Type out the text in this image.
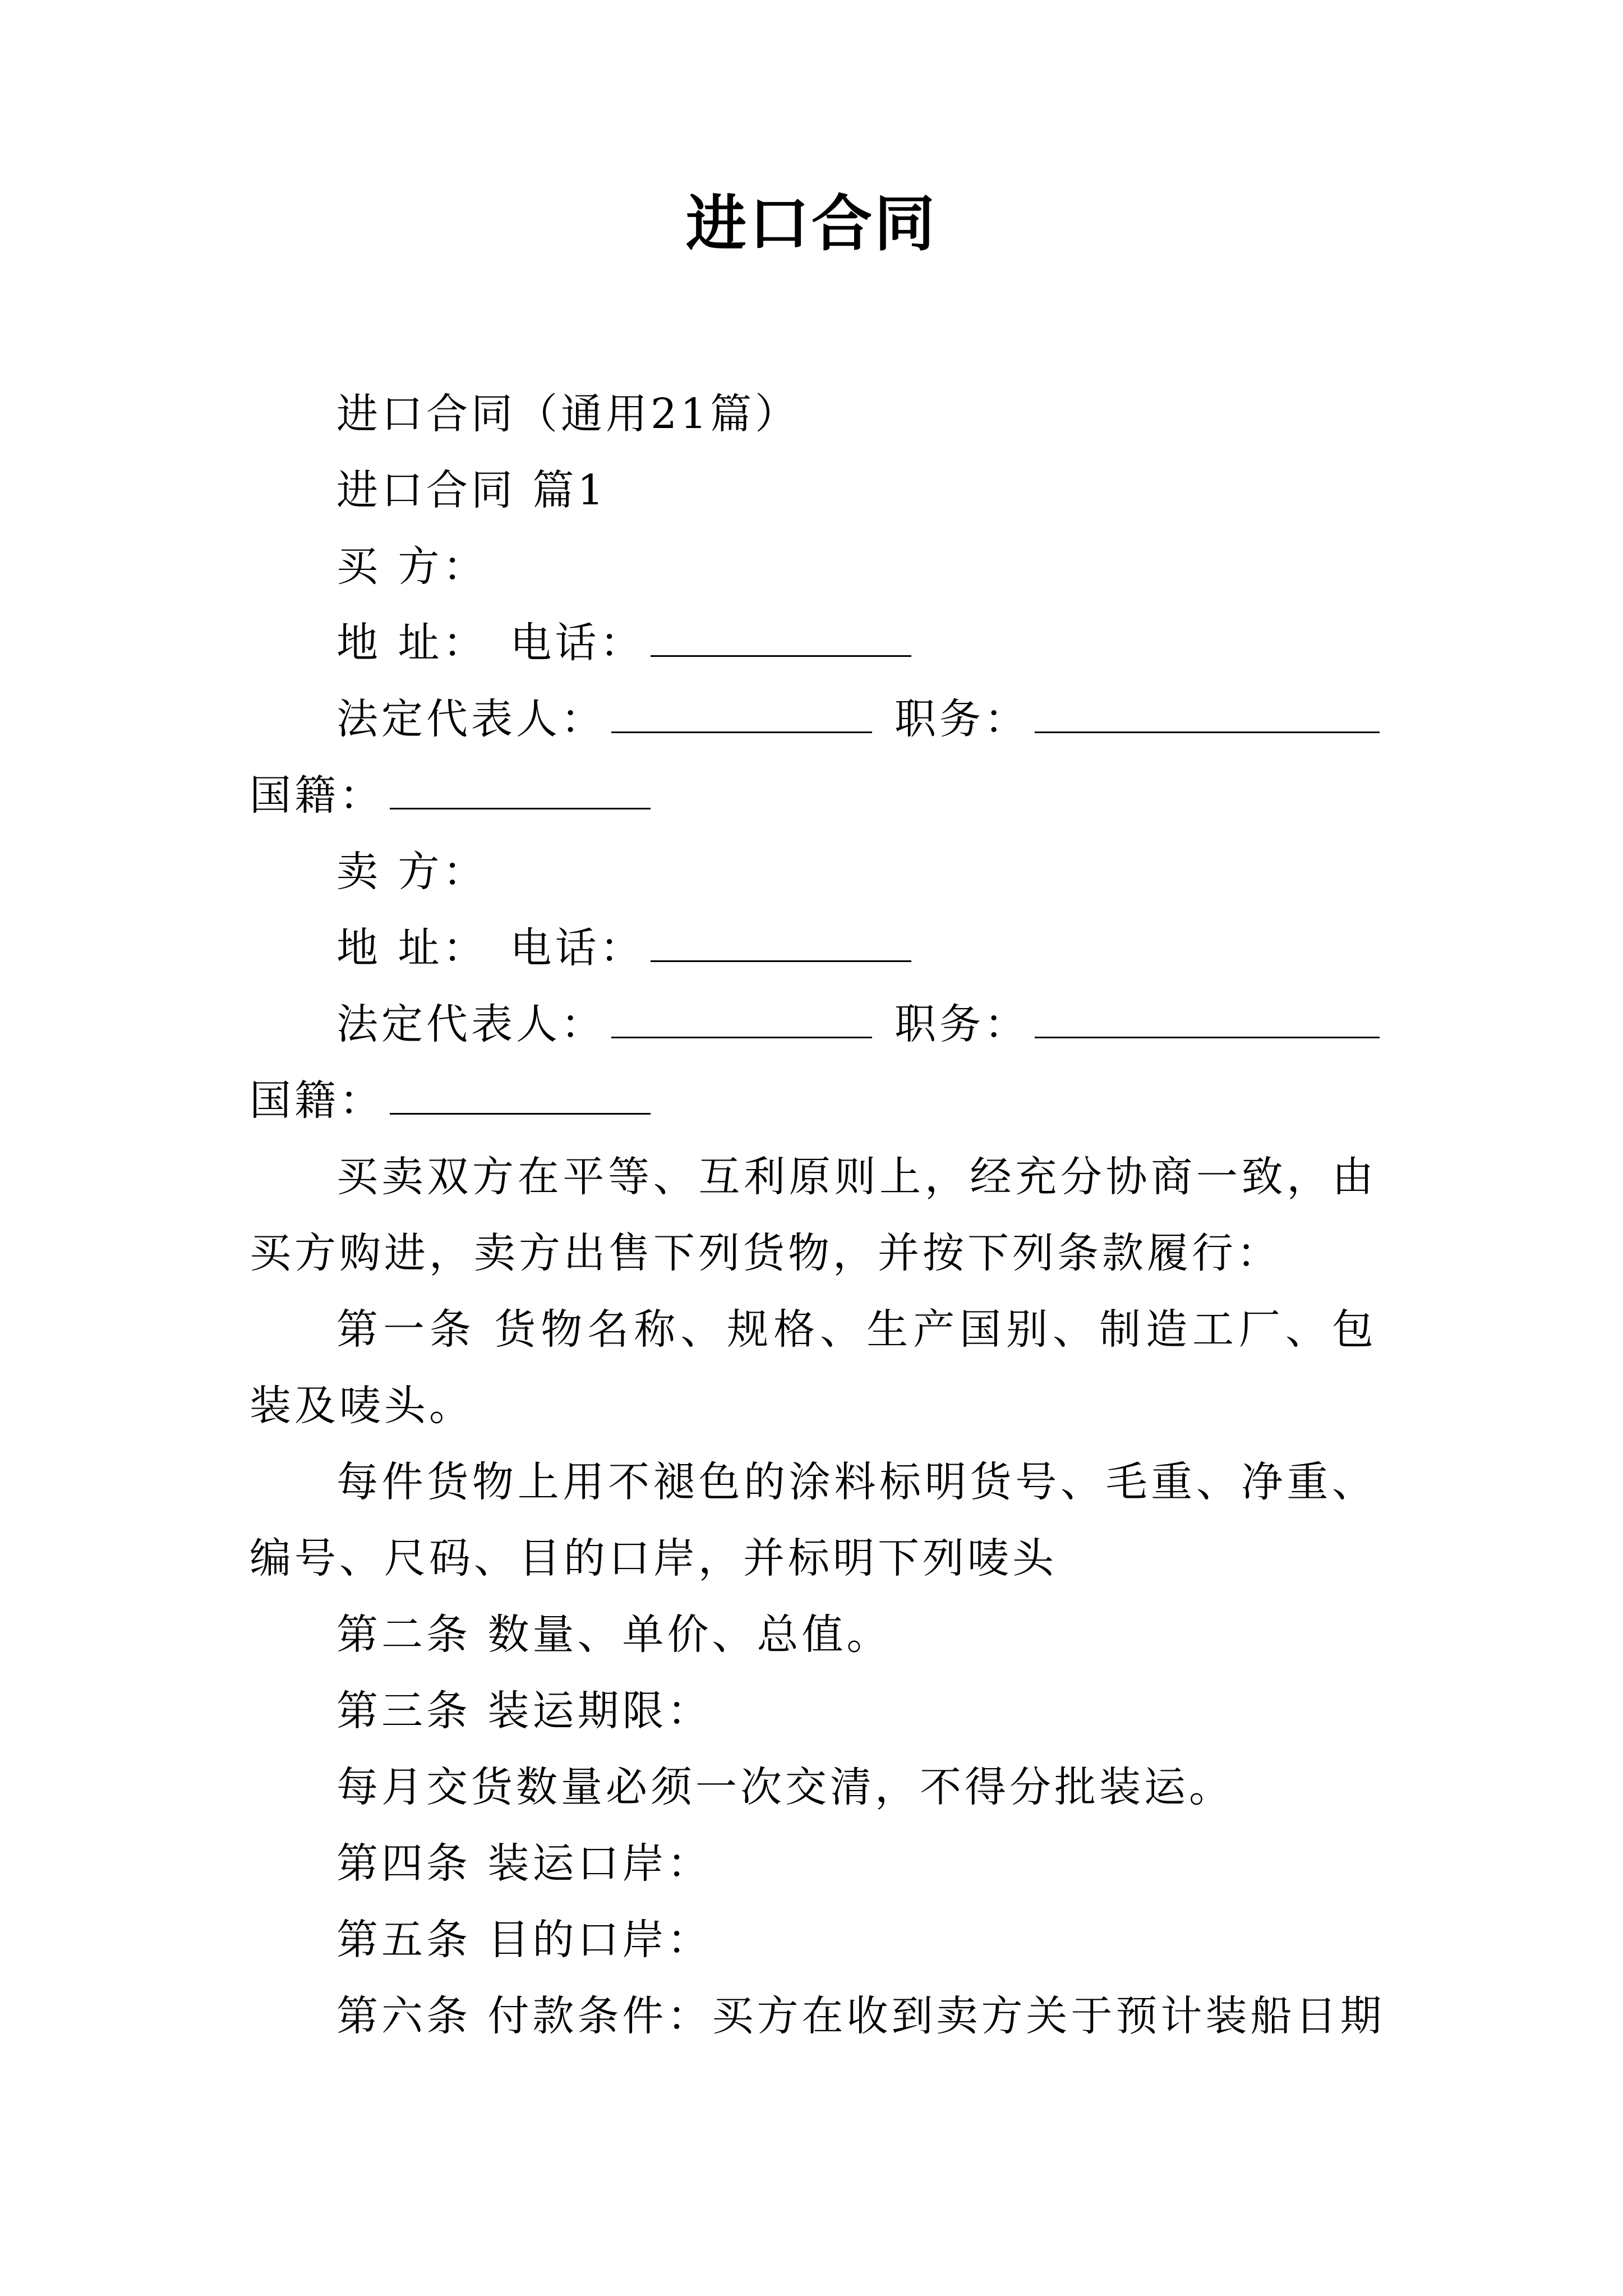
进口合同

进口合同（通用21篇）

进口合同 篇1

买 方：

地 址： 电话：

法定代表人：	职务：

国籍：

卖 方：

地 址： 电话：

法定代表人：	职务：

国籍：

买卖双方在平等、互利原则上，经充分协商一致，由买方购进，卖方出售下列货物，并按下列条款履行：

第一条 货物名称、规格、生产国别、制造工厂、包装及唛头。

每件货物上用不褪色的涂料标明货号、毛重、净重、编号、尺码、目的口岸，并标明下列唛头

第二条 数量、单价、总值。

第三条 装运期限：

每月交货数量必须一次交清，不得分批装运。

第四条 装运口岸：

第五条 目的口岸：

第六条 付款条件：买方在收到卖方关于预计装船日期
